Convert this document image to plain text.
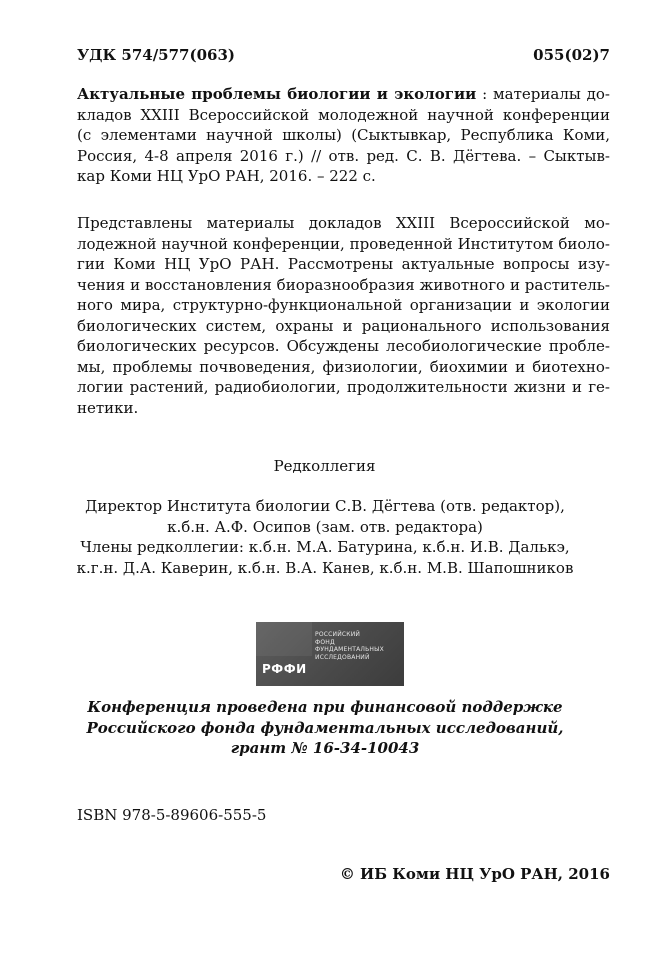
УДК 574/577(063)	055(02)7
Актуальные проблемы биологии и экологии : материалы до-
кладов XXIII Всероссийской молодежной научной конференции
(с элементами научной школы) (Сыктывкар, Республика Коми,
Россия, 4-8 апреля 2016 г.) // отв. ред. С. В. Дёгтева. – Сыктыв-
кар Коми НЦ УрО РАН, 2016. – 222 с.
Представлены материалы докладов XXIII Всероссийской мо-
лодежной научной конференции, проведенной Институтом биоло-
гии Коми НЦ УрО РАН. Рассмотрены актуальные вопросы изу-
чения и восстановления биоразнообразия животного и раститель-
ного мира, структурно-функциональной организации и экологии
биологических систем, охраны и рационального использования
биологических ресурсов. Обсуждены лесобиологические пробле-
мы, проблемы почвоведения, физиологии, биохимии и биотехно-
логии растений, радиобиологии, продолжительности жизни и ге-
нетики.
Редколлегия
Директор Института биологии С.В. Дёгтева (отв. редактор),
к.б.н. А.Ф. Осипов (зам. отв. редактора)
Члены редколлегии: к.б.н. М.А. Батурина, к.б.н. И.В. Далькэ,
к.г.н. Д.А. Каверин, к.б.н. В.А. Канев, к.б.н. М.В. Шапошников
РФФИ
РОССИЙСКИЙ
ФОНД
ФУНДАМЕНТАЛЬНЫХ
ИССЛЕДОВАНИЙ
Конференция проведена при финансовой поддержке
Российского фонда фундаментальных исследований,
грант № 16-34-10043
ISBN 978-5-89606-555-5
© ИБ Коми НЦ УрО РАН, 2016
